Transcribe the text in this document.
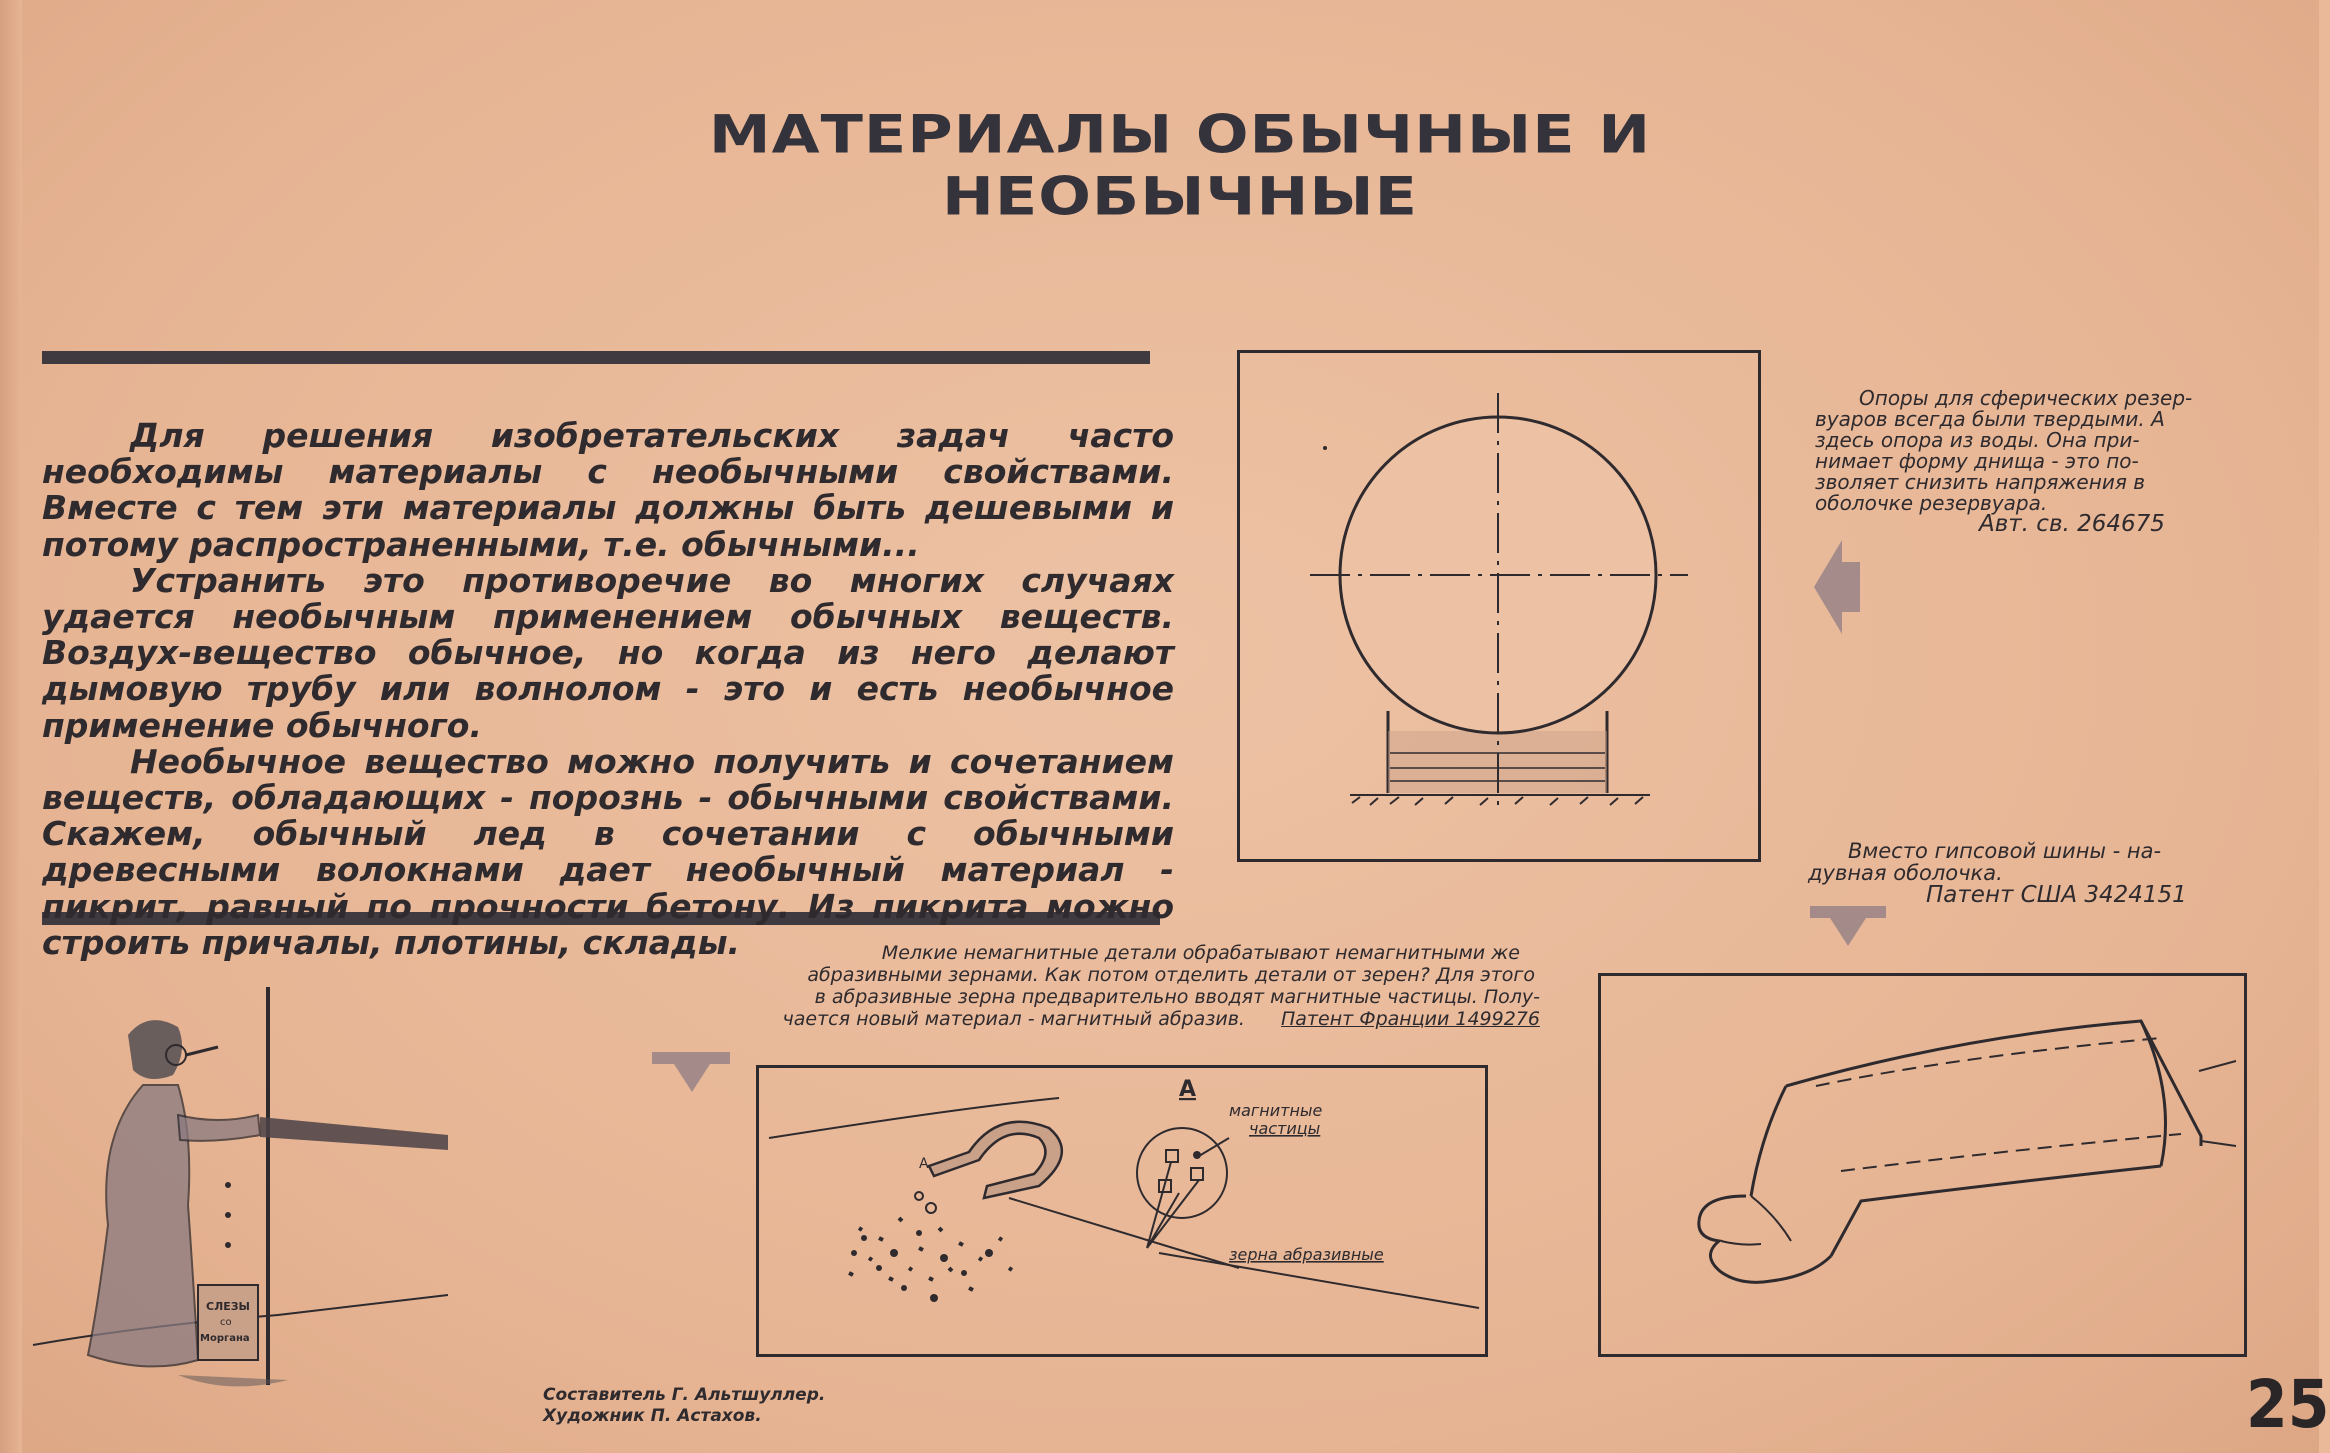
МАТЕРИАЛЫ ОБЫЧНЫЕ И НЕОБЫЧНЫЕ

Для решения изобретательских задач часто необходимы материалы с необычными свойствами. Вместе с тем эти материалы должны быть дешевыми и потому распространенными, т.е. обычными...

Устранить это противоречие во многих случаях удается необычным применением обычных веществ. Воздух-вещество обычное, но когда из него делают дымовую трубу или волнолом - это и есть необычное применение обычного.

Необычное вещество можно получить и сочетанием веществ, обладающих - порознь - обычными свойствами. Скажем, обычный лед в сочетании с обычными древесными волокнами дает необычный материал - пикрит, равный по прочности бетону. Из пикрита можно строить причалы, плотины, склады.

Опоры для сферических резер-
вуаров всегда были твердыми. А
здесь опора из воды. Она при-
нимает форму днища - это по-
зволяет снизить напряжения в
оболочке резервуара.
Авт. св. 264675
Вместо гипсовой шины - на-
дувная оболочка.
Патент США 3424151
Мелкие немагнитные детали обрабатывают немагнитными же
абразивными зернами. Как потом отделить детали от зерен? Для этого
в абразивные зерна предварительно вводят магнитные частицы. Полу-
чается новый материал - магнитный абразив. Патент Франции 1499276
А
А
магнитные
частицы
зерна абразивные
СЛЕЗЫ
со
Моргана
Составитель Г. Альтшуллер.
Художник П. Астахов.	25
